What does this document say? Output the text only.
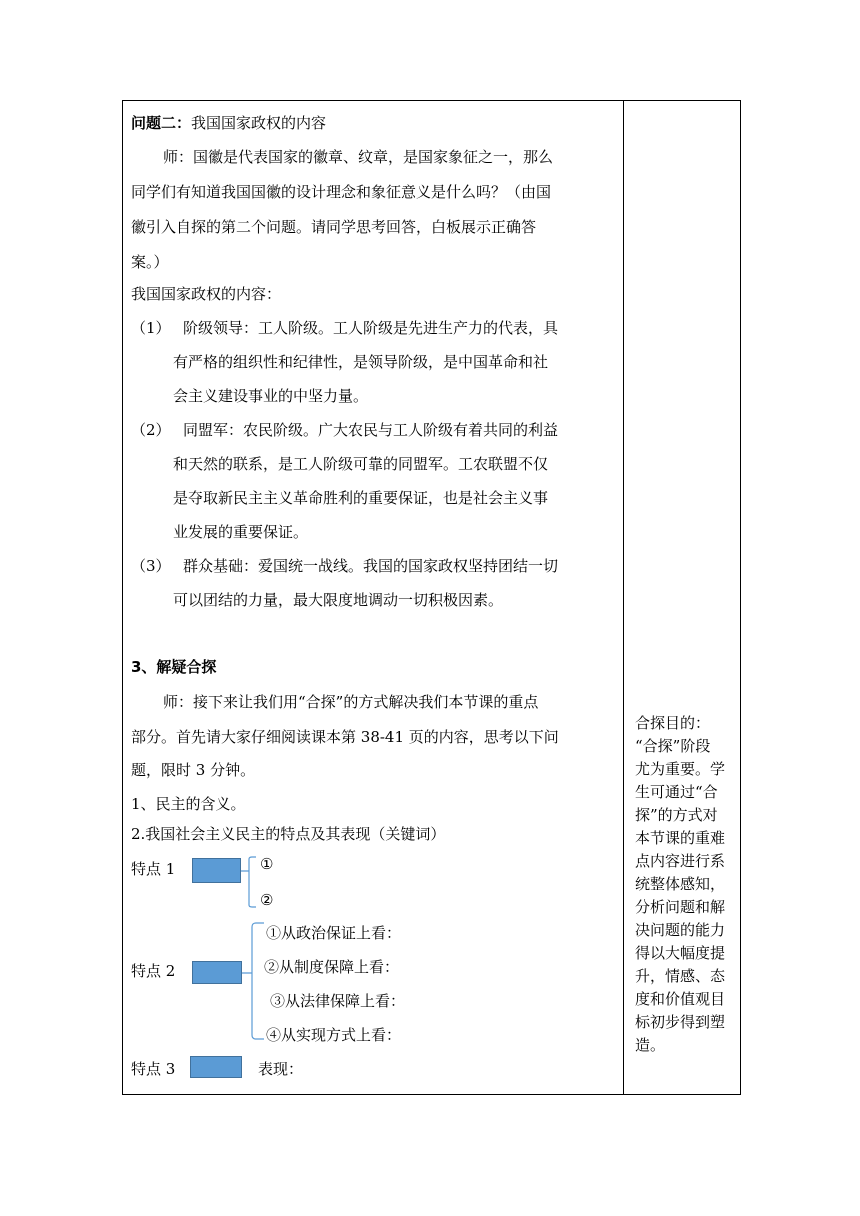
问题二：我国国家政权的内容
师：国徽是代表国家的徽章、纹章，是国家象征之一，那么
同学们有知道我国国徽的设计理念和象征意义是什么吗？（由国
徽引入自探的第二个问题。请同学思考回答，白板展示正确答
案。）
我国国家政权的内容：
（1） 阶级领导：工人阶级。工人阶级是先进生产力的代表，具
有严格的组织性和纪律性，是领导阶级，是中国革命和社
会主义建设事业的中坚力量。
（2） 同盟军：农民阶级。广大农民与工人阶级有着共同的利益
和天然的联系，是工人阶级可靠的同盟军。工农联盟不仅
是夺取新民主主义革命胜利的重要保证，也是社会主义事
业发展的重要保证。
（3） 群众基础：爱国统一战线。我国的国家政权坚持团结一切
可以团结的力量，最大限度地调动一切积极因素。
3、解疑合探
师：接下来让我们用“合探”的方式解决我们本节课的重点
部分。首先请大家仔细阅读课本第 38-41 页的内容，思考以下问
题，限时 3 分钟。
1、民主的含义。
2.我国社会主义民主的特点及其表现（关键词）
特点 1	①
②
特点 2
①从政治保证上看：
②从制度保障上看：
③从法律保障上看：
④从实现方式上看：
特点 3	表现：
合探目的：
“合探”阶段
尤为重要。学
生可通过“合
探”的方式对
本节课的重难
点内容进行系
统整体感知，
分析问题和解
决问题的能力
得以大幅度提
升，情感、态
度和价值观目
标初步得到塑
造。
